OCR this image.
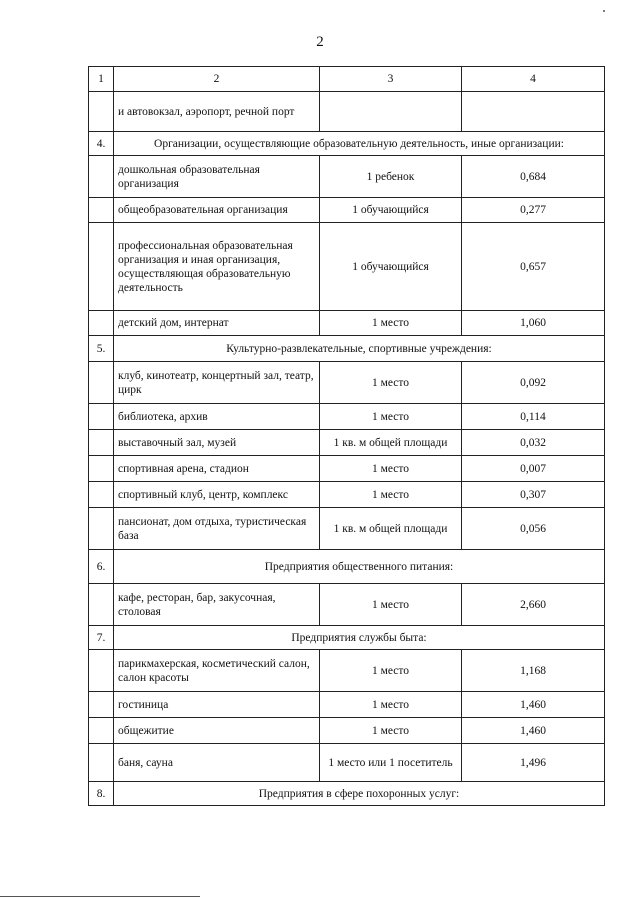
2
1	2	3	4
	и автовокзал, аэропорт, речной порт		
4.	Организации, осуществляющие образовательную деятельность, иные организации:		
	дошкольная образовательная организация	1 ребенок	0,684
	общеобразовательная организация	1 обучающийся	0,277
	профессиональная образовательная организация и иная организация, осуществляющая образовательную деятельность	1 обучающийся	0,657
	детский дом, интернат	1 место	1,060
5.	Культурно-развлекательные, спортивные учреждения:		
	клуб, кинотеатр, концертный зал, театр, цирк	1 место	0,092
	библиотека, архив	1 место	0,114
	выставочный зал, музей	1 кв. м общей площади	0,032
	спортивная арена, стадион	1 место	0,007
	спортивный клуб, центр, комплекс	1 место	0,307
	пансионат, дом отдыха, туристическая база	1 кв. м общей площади	0,056
6.	Предприятия общественного питания:		
	кафе, ресторан, бар, закусочная, столовая	1 место	2,660
7.	Предприятия службы быта:		
	парикмахерская, косметический салон, салон красоты	1 место	1,168
	гостиница	1 место	1,460
	общежитие	1 место	1,460
	баня, сауна	1 место или 1 посетитель	1,496
8.	Предприятия в сфере похоронных услуг:		
